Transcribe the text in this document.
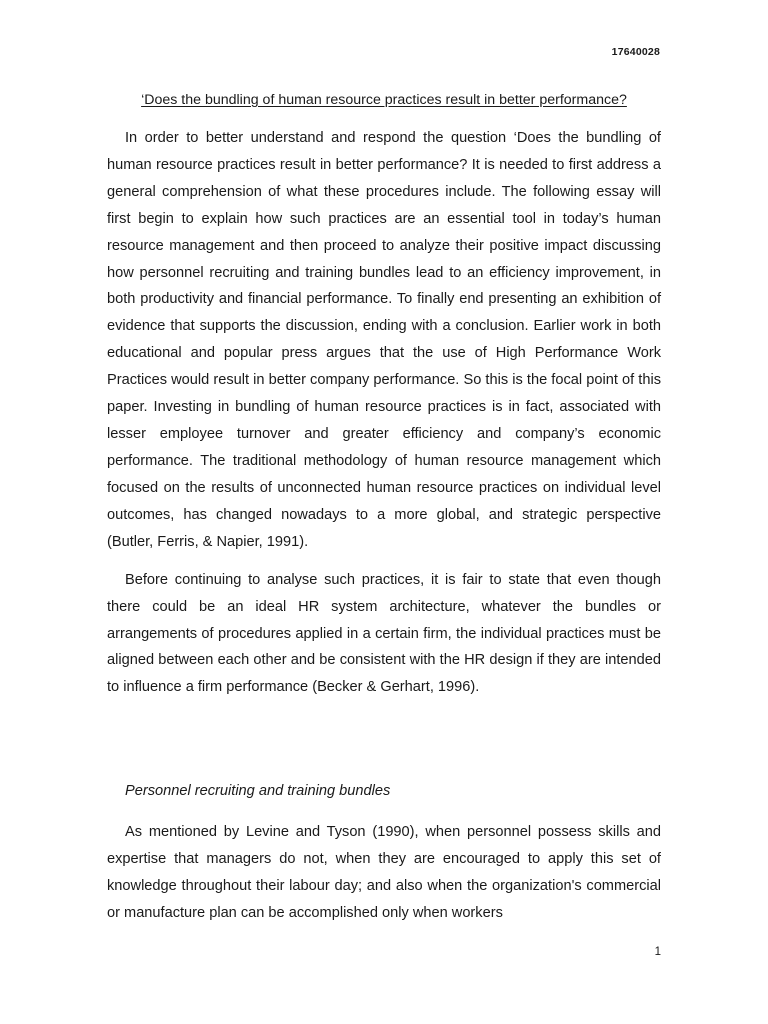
17640028
‘Does the bundling of human resource practices result in better performance?

In order to better understand and respond the question ‘Does the bundling of human resource practices result in better performance? It is needed to first address a general comprehension of what these procedures include. The following essay will first begin to explain how such practices are an essential tool in today’s human resource management and then proceed to analyze their positive impact discussing how personnel recruiting and training bundles lead to an efficiency improvement, in both productivity and financial performance. To finally end presenting an exhibition of evidence that supports the discussion, ending with a conclusion. Earlier work in both educational and popular press argues that the use of High Performance Work Practices would result in better company performance. So this is the focal point of this paper. Investing in bundling of human resource practices is in fact, associated with lesser employee turnover and greater efficiency and company’s economic performance. The traditional methodology of human resource management which focused on the results of unconnected human resource practices on individual level outcomes, has changed nowadays to a more global, and strategic perspective (Butler, Ferris, & Napier, 1991).

Before continuing to analyse such practices, it is fair to state that even though there could be an ideal HR system architecture, whatever the bundles or arrangements of procedures applied in a certain firm, the individual practices must be aligned between each other and be consistent with the HR design if they are intended to influence a firm performance (Becker & Gerhart, 1996).

Personnel recruiting and training bundles

As mentioned by Levine and Tyson (1990), when personnel possess skills and expertise that managers do not, when they are encouraged to apply this set of knowledge throughout their labour day; and also when the organization's commercial or manufacture plan can be accomplished only when workers

1
